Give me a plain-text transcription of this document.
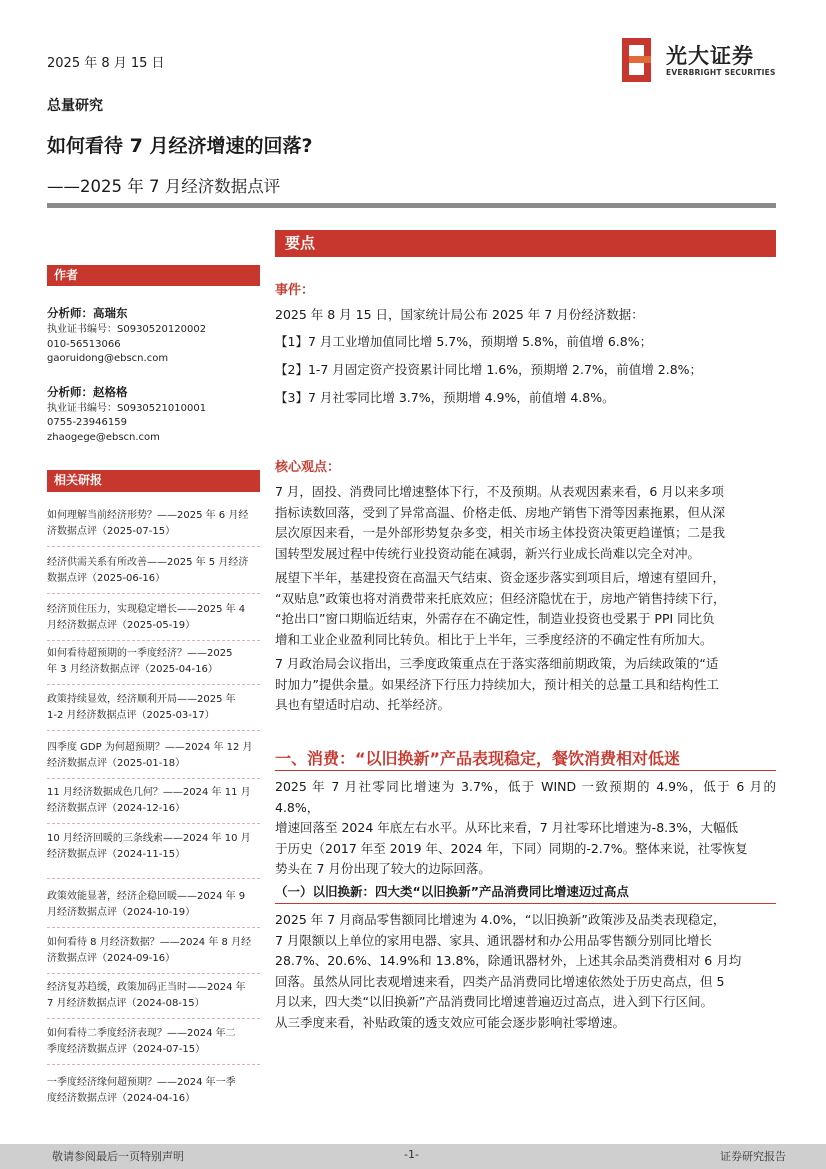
2025 年 8 月 15 日	光大证券
EVERBRIGHT SECURITIES
总量研究
如何看待 7 月经济增速的回落?
——2025 年 7 月经济数据点评
作者
分析师：高瑞东
执业证书编号：S0930520120002
010-56513066
gaoruidong@ebscn.com
分析师：赵格格
执业证书编号：S0930521010001
0755-23946159
zhaogege@ebscn.com
相关研报
如何理解当前经济形势？——2025 年 6 月经
济数据点评（2025-07-15）
经济供需关系有所改善——2025 年 5 月经济
数据点评（2025-06-16）
经济顶住压力，实现稳定增长——2025 年 4
月经济数据点评（2025-05-19）
如何看待超预期的一季度经济？——2025
年 3 月经济数据点评（2025-04-16）
政策持续显效，经济顺利开局——2025 年
1-2 月经济数据点评（2025-03-17）
四季度 GDP 为何超预期？——2024 年 12 月
经济数据点评（2025-01-18）
11 月经济数据成色几何？——2024 年 11 月
经济数据点评（2024-12-16）
10 月经济回暖的三条线索——2024 年 10 月
经济数据点评（2024-11-15）
政策效能显著，经济企稳回暖——2024 年 9
月经济数据点评（2024-10-19）
如何看待 8 月经济数据？——2024 年 8 月经
济数据点评（2024-09-16）
经济复苏趋缓，政策加码正当时——2024 年
7 月经济数据点评（2024-08-15）
如何看待二季度经济表现？——2024 年二
季度经济数据点评（2024-07-15）
一季度经济缘何超预期？——2024 年一季
度经济数据点评（2024-04-16）
要点
事件：
2025 年 8 月 15 日，国家统计局公布 2025 年 7 月份经济数据：
【1】7 月工业增加值同比增 5.7%，预期增 5.8%，前值增 6.8%；
【2】1-7 月固定资产投资累计同比增 1.6%，预期增 2.7%，前值增 2.8%；
【3】7 月社零同比增 3.7%，预期增 4.9%，前值增 4.8%。
核心观点：
7 月，固投、消费同比增速整体下行，不及预期。从表观因素来看，6 月以来多项
指标读数回落，受到了异常高温、价格走低、房地产销售下滑等因素拖累，但从深
层次原因来看，一是外部形势复杂多变，相关市场主体投资决策更趋谨慎；二是我
国转型发展过程中传统行业投资动能在减弱，新兴行业成长尚难以完全对冲。
展望下半年，基建投资在高温天气结束、资金逐步落实到项目后，增速有望回升，
“双贴息”政策也将对消费带来托底效应；但经济隐忧在于，房地产销售持续下行，
“抢出口”窗口期临近结束，外需存在不确定性，制造业投资也受累于 PPI 同比负
增和工业企业盈利同比转负。相比于上半年，三季度经济的不确定性有所加大。
7 月政治局会议指出，三季度政策重点在于落实落细前期政策，为后续政策的“适
时加力”提供余量。如果经济下行压力持续加大，预计相关的总量工具和结构性工
具也有望适时启动、托举经济。
一、消费：“以旧换新”产品表现稳定，餐饮消费相对低迷
2025 年 7 月社零同比增速为 3.7%，低于 WIND 一致预期的 4.9%，低于 6 月的 4.8%，
增速回落至 2024 年底左右水平。从环比来看，7 月社零环比增速为-8.3%，大幅低
于历史（2017 年至 2019 年、2024 年，下同）同期的-2.7%。整体来说，社零恢复
势头在 7 月份出现了较大的边际回落。
（一）以旧换新：四大类“以旧换新”产品消费同比增速迈过高点
2025 年 7 月商品零售额同比增速为 4.0%，“以旧换新”政策涉及品类表现稳定，
7 月限额以上单位的家用电器、家具、通讯器材和办公用品零售额分别同比增长
28.7%、20.6%、14.9%和 13.8%，除通讯器材外，上述其余品类消费相对 6 月均
回落。虽然从同比表观增速来看，四类产品消费同比增速依然处于历史高点，但 5
月以来，四大类“以旧换新”产品消费同比增速普遍迈过高点，进入到下行区间。
从三季度来看，补贴政策的透支效应可能会逐步影响社零增速。
敬请参阅最后一页特别声明	-1-	证券研究报告
